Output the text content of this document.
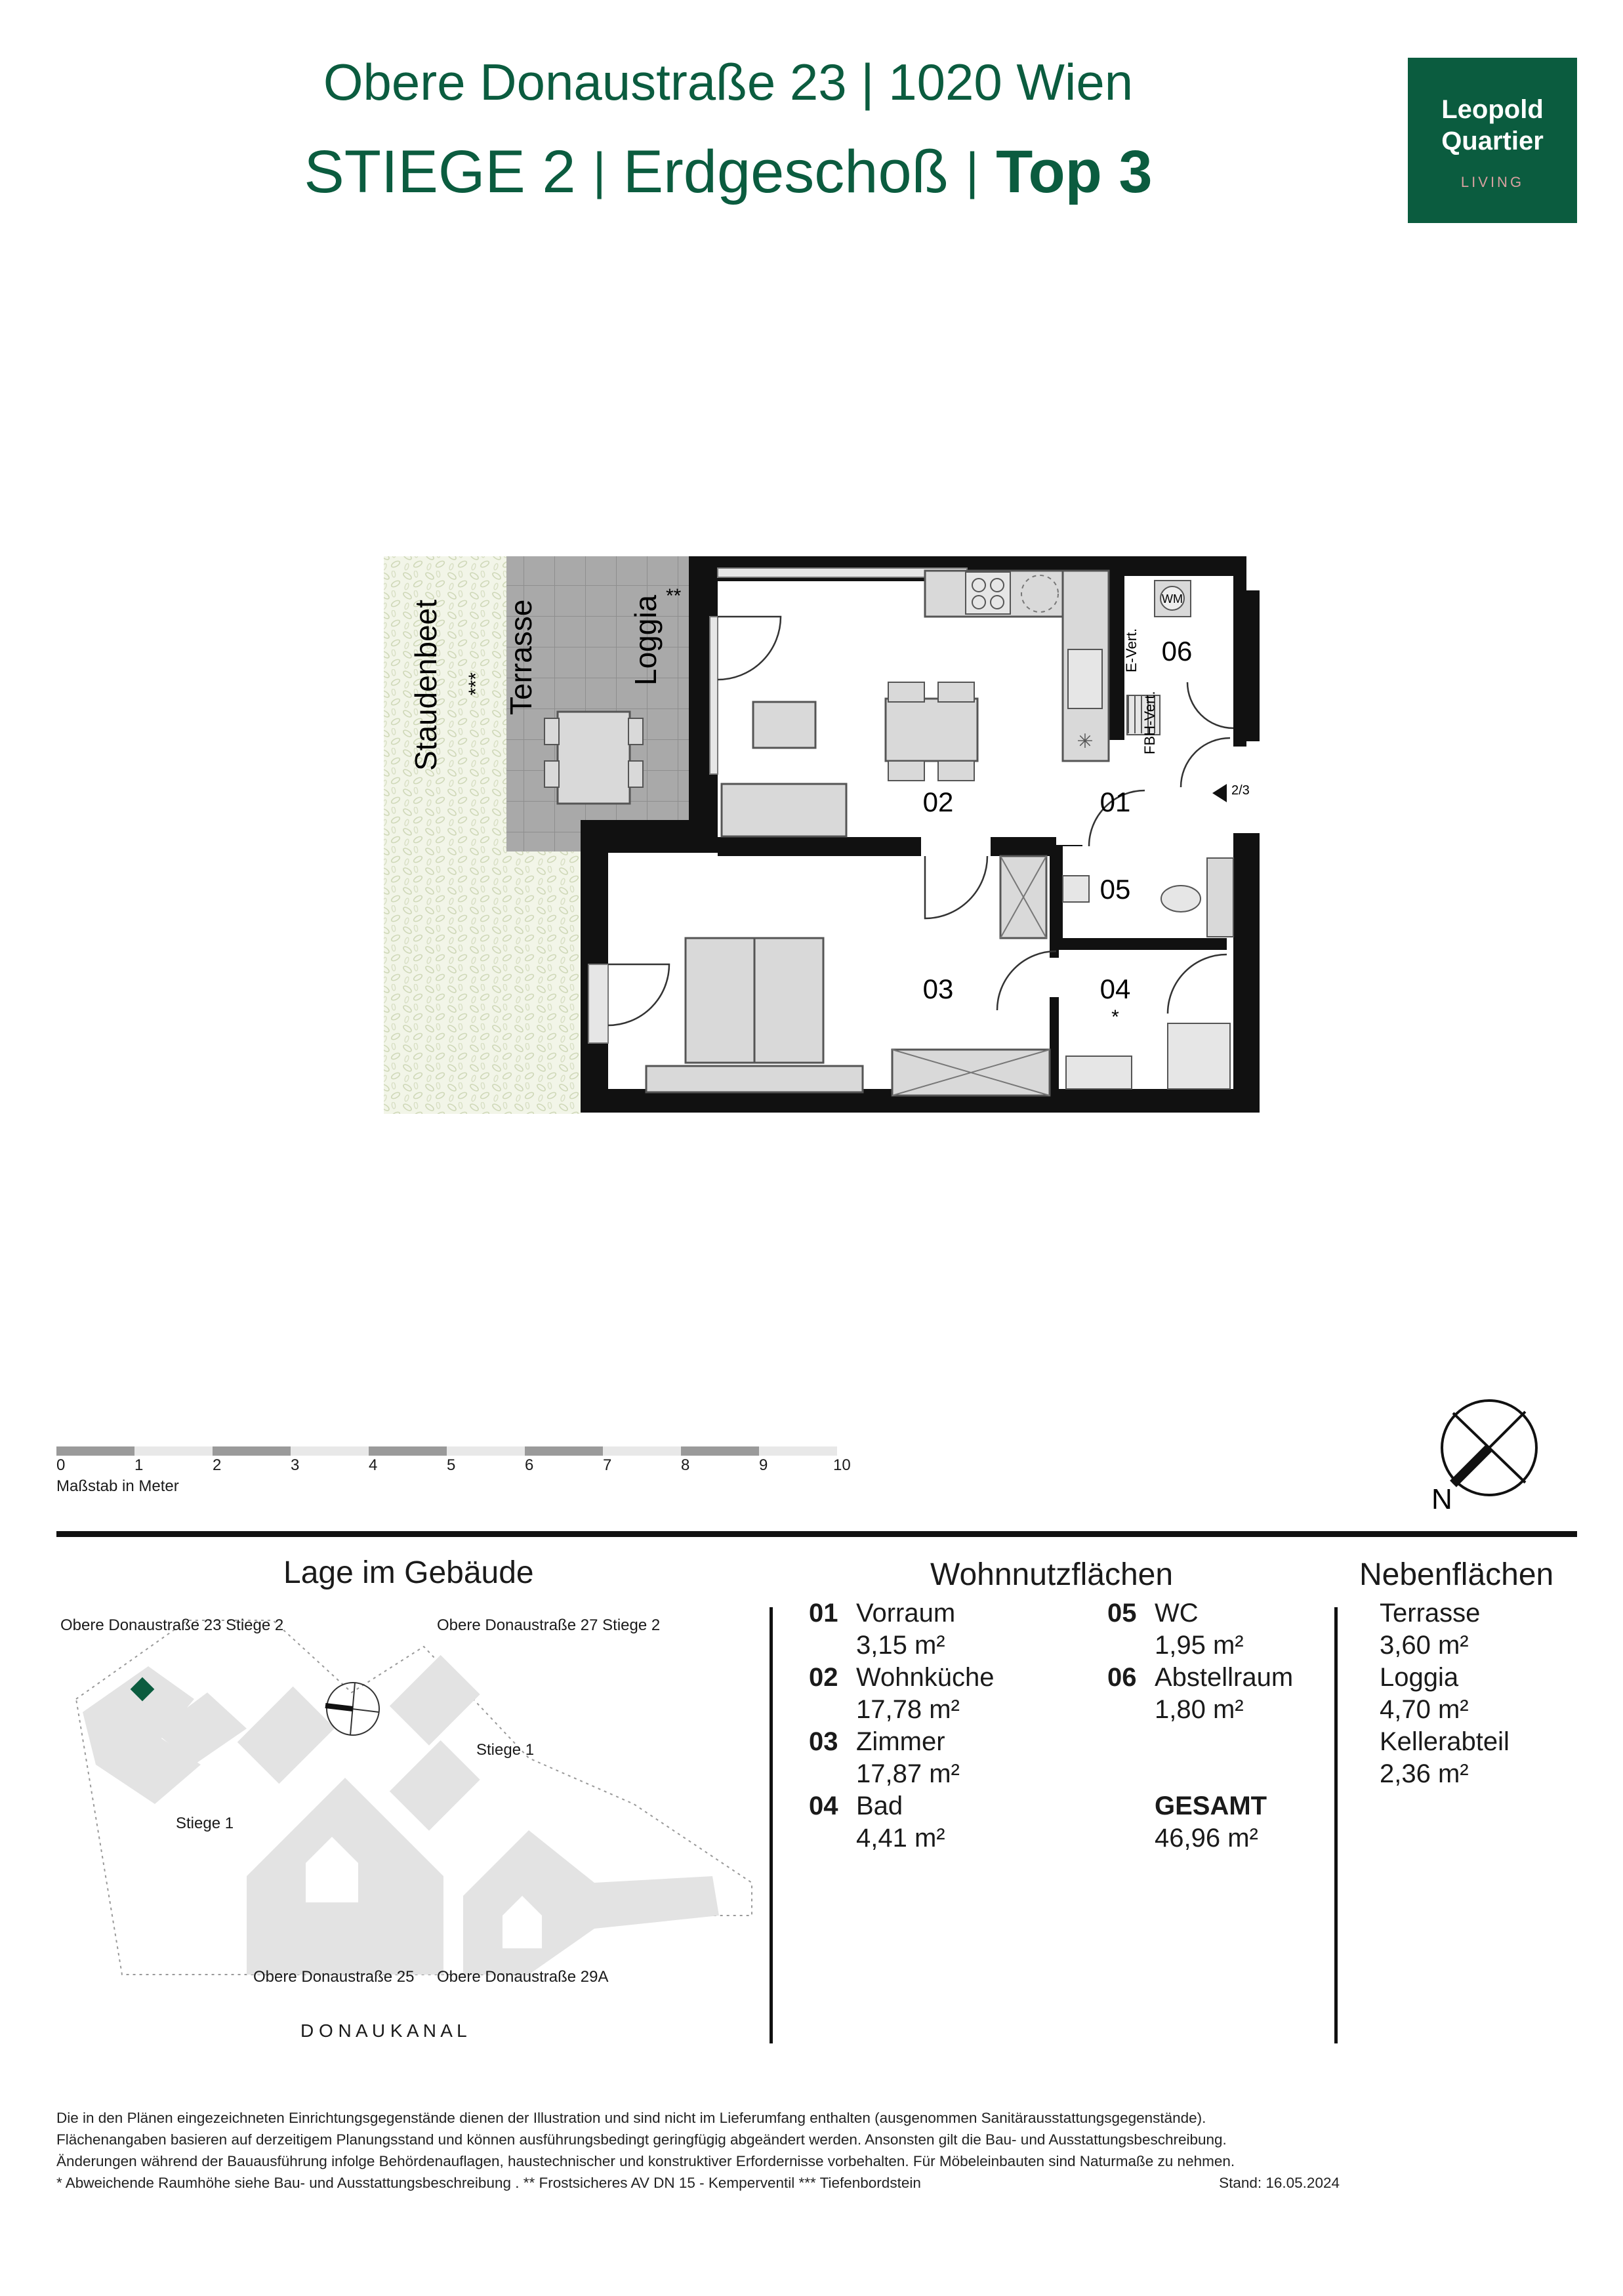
Obere Donaustraße 23 | 1020 Wien
STIEGE 2 | Erdgeschoß | Top 3
Leopold
Quartier
LIVING
✳
02	01
03	04
*
05
06
2/3
WM
E-Vert.
FBH-Vert.
Staudenbeet *** Terrasse	Loggia **
N
0	1	2	3	4	5	6	7	8	9	10
Maßstab in Meter
Lage im Gebäude
Obere Donaustraße 23 Stiege 2	Obere Donaustraße 27 Stiege 2
Stiege 1
Stiege 1
Obere Donaustraße 25 Obere Donaustraße 29A
D O N A U K A N A L
Wohnnutzflächen
01 Vorraum
3,15 m²
02 Wohnküche
17,78 m²
03 Zimmer
17,87 m²
04 Bad
4,41 m²
05 WC
1,95 m²
06 Abstellraum
1,80 m²
GESAMT
46,96 m²
Nebenflächen
Terrasse
3,60 m²
Loggia
4,70 m²
Kellerabteil
2,36 m²
Die in den Plänen eingezeichneten Einrichtungsgegenstände dienen der Illustration und sind nicht im Lieferumfang enthalten (ausgenommen Sanitärausstattungsgegenstände).
Flächenangaben basieren auf derzeitigem Planungsstand und können ausführungsbedingt geringfügig abgeändert werden. Ansonsten gilt die Bau- und Ausstattungsbeschreibung.
Änderungen während der Bauausführung infolge Behördenauflagen, haustechnischer und konstruktiver Erfordernisse vorbehalten. Für Möbeleinbauten sind Naturmaße zu nehmen.
* Abweichende Raumhöhe siehe Bau- und Ausstattungsbeschreibung . ** Frostsicheres AV DN 15 - Kemperventil *** Tiefenbordstein	Stand: 16.05.2024
